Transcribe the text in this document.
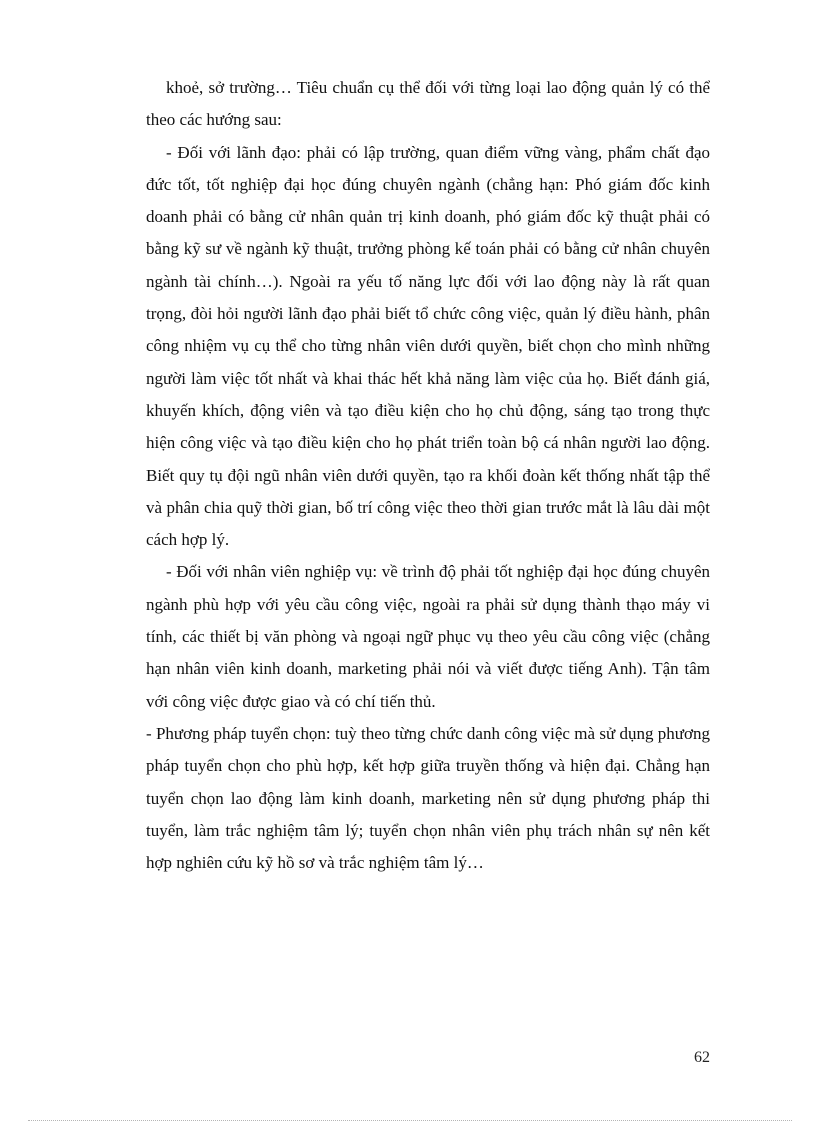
khoẻ, sở trường… Tiêu chuẩn cụ thể đối với từng loại lao động quản lý có thể theo các hướng sau:

- Đối với lãnh đạo: phải có lập trường, quan điểm vững vàng, phẩm chất đạo đức tốt, tốt nghiệp đại học đúng chuyên ngành (chẳng hạn: Phó giám đốc kinh doanh phải có bằng cử nhân quản trị kinh doanh, phó giám đốc kỹ thuật phải có bằng kỹ sư về ngành kỹ thuật, trưởng phòng kế toán phải có bằng cử nhân chuyên ngành tài chính…). Ngoài ra yếu tố năng lực đối với lao động này là rất quan trọng, đòi hỏi người lãnh đạo phải biết tổ chức công việc, quản lý điều hành, phân công nhiệm vụ cụ thể cho từng nhân viên dưới quyền, biết chọn cho mình những người làm việc tốt nhất và khai thác hết khả năng làm việc của họ. Biết đánh giá, khuyến khích, động viên và tạo điều kiện cho họ chủ động, sáng tạo trong thực hiện công việc và tạo điều kiện cho họ phát triển toàn bộ cá nhân người lao động. Biết quy tụ đội ngũ nhân viên dưới quyền, tạo ra khối đoàn kết thống nhất tập thể và phân chia quỹ thời gian, bố trí công việc theo thời gian trước mắt là lâu dài một cách hợp lý.

- Đối với nhân viên nghiệp vụ: về trình độ phải tốt nghiệp đại học đúng chuyên ngành phù hợp với yêu cầu công việc, ngoài ra phải sử dụng thành thạo máy vi tính, các thiết bị văn phòng và ngoại ngữ phục vụ theo yêu cầu công việc (chẳng hạn nhân viên kinh doanh, marketing phải nói và viết được tiếng Anh). Tận tâm với công việc được giao và có chí tiến thủ.

- Phương pháp tuyển chọn: tuỳ theo từng chức danh công việc mà sử dụng phương pháp tuyển chọn cho phù hợp, kết hợp giữa truyền thống và hiện đại. Chẳng hạn tuyển chọn lao động làm kinh doanh, marketing nên sử dụng phương pháp thi tuyển, làm trắc nghiệm tâm lý; tuyển chọn nhân viên phụ trách nhân sự nên kết hợp nghiên cứu kỹ hồ sơ và trắc nghiệm tâm lý…

62
